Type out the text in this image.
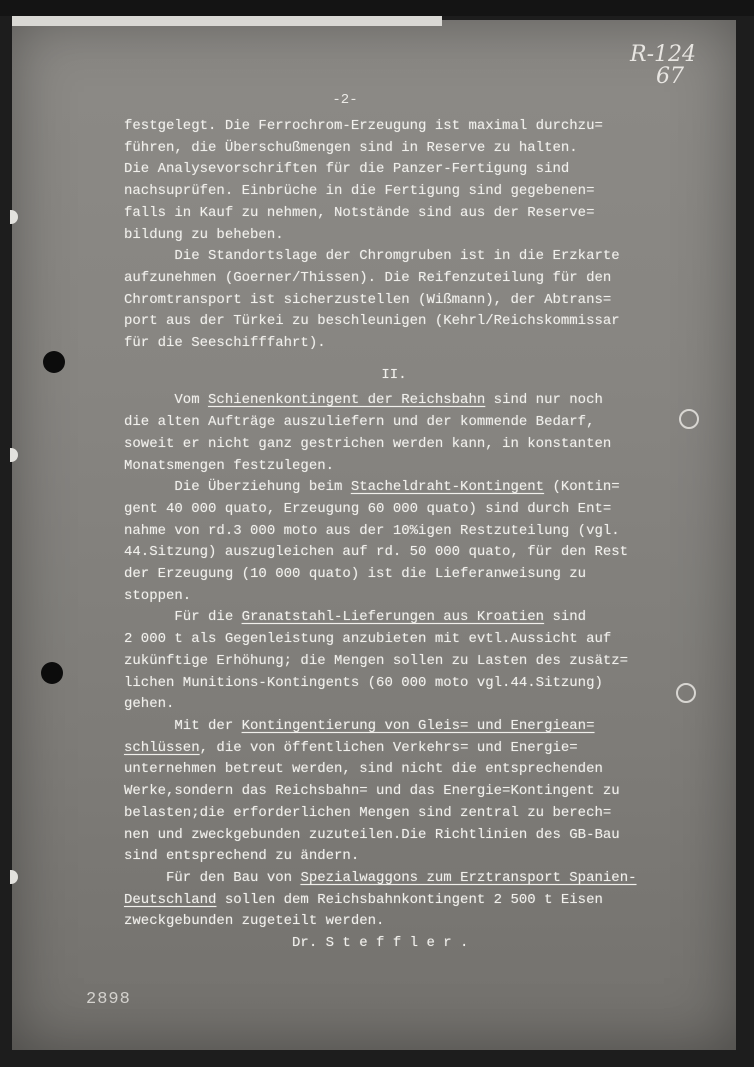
R-124
67
-2-

festgelegt. Die Ferrochrom-Erzeugung ist maximal durchzu=

führen, die Überschußmengen sind in Reserve zu halten.

Die Analysevorschriften für die Panzer-Fertigung sind

nachsuprüfen. Einbrüche in die Fertigung sind gegebenen=

falls in Kauf zu nehmen, Notstände sind aus der Reserve=

bildung zu beheben.

Die Standortslage der Chromgruben ist in die Erzkarte

aufzunehmen (Goerner/Thissen). Die Reifenzuteilung für den

Chromtransport ist sicherzustellen (Wißmann), der Abtrans=

port aus der Türkei zu beschleunigen (Kehrl/Reichskommissar

für die Seeschifffahrt).

II.

Vom Schienenkontingent der Reichsbahn sind nur noch

die alten Aufträge auszuliefern und der kommende Bedarf,

soweit er nicht ganz gestrichen werden kann, in konstanten

Monatsmengen festzulegen.

Die Überziehung beim Stacheldraht-Kontingent (Kontin=

gent 40 000 quato, Erzeugung 60 000 quato) sind durch Ent=

nahme von rd.3 000 moto aus der 10%igen Restzuteilung (vgl.

44.Sitzung) auszugleichen auf rd. 50 000 quato, für den Rest

der Erzeugung (10 000 quato) ist die Lieferanweisung zu

stoppen.

Für die Granatstahl-Lieferungen aus Kroatien sind

2 000 t als Gegenleistung anzubieten mit evtl.Aussicht auf

zukünftige Erhöhung; die Mengen sollen zu Lasten des zusätz=

lichen Munitions-Kontingents (60 000 moto vgl.44.Sitzung)

gehen.

Mit der Kontingentierung von Gleis= und Energiean=

schlüssen, die von öffentlichen Verkehrs= und Energie=

unternehmen betreut werden, sind nicht die entsprechenden

Werke,sondern das Reichsbahn= und das Energie=Kontingent zu

belasten;die erforderlichen Mengen sind zentral zu berech=

nen und zweckgebunden zuzuteilen.Die Richtlinien des GB-Bau

sind entsprechend zu ändern.

Für den Bau von Spezialwaggons zum Erztransport Spanien-

Deutschland sollen dem Reichsbahnkontingent 2 500 t Eisen

zweckgebunden zugeteilt werden.

Dr. S t e f f l e r .

2898
